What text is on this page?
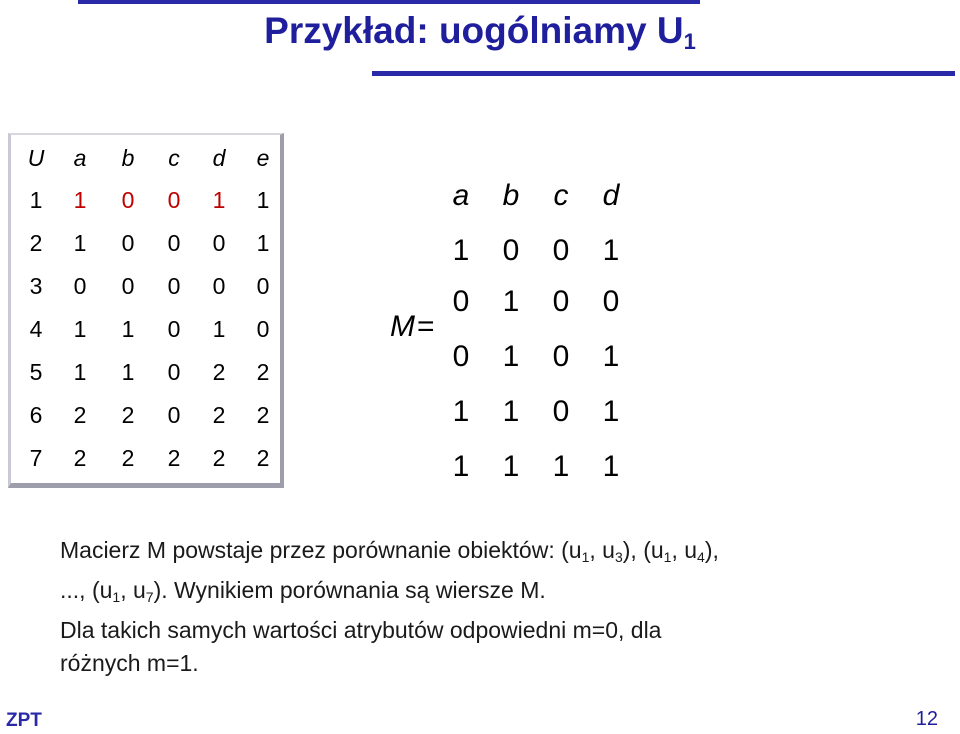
Przykład: uogólniamy $U_1$
U	a	b	c	d	e
1	1	0	0	1	1
2	1	0	0	0	1
3	0	0	0	0	0
4	1	1	0	1	0
5	1	1	0	2	2
6	2	2	0	2	2
7	2	2	2	2	2
M=
a	b	c	d
1	0	0	1
0	1	0	0
0	1	0	1
1	1	0	1
1	1	1	1
Macierz M powstaje przez porównanie obiektów: ($u_1$, $u_3$), ($u_1$, $u_4$),
..., ($u_1$, $u_7$). Wynikiem porównania są wiersze M.
Dla takich samych wartości atrybutów odpowiedni m=0, dla
różnych m=1.
ZPT	12
